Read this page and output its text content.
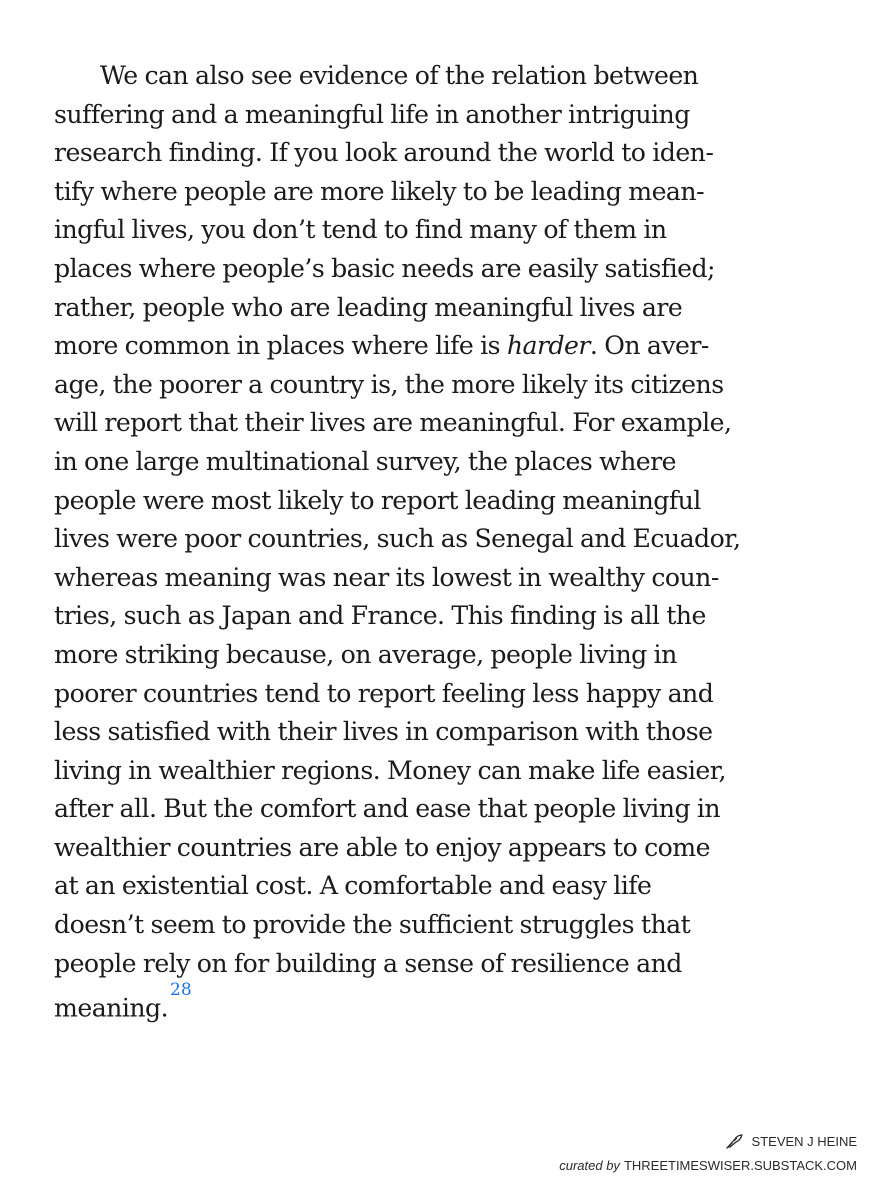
We can also see evidence of the relation between
suffering and a meaningful life in another intriguing
research finding. If you look around the world to iden-
tify where people are more likely to be leading mean-
ingful lives, you don’t tend to find many of them in
places where people’s basic needs are easily satisfied;
rather, people who are leading meaningful lives are
more common in places where life is harder. On aver-
age, the poorer a country is, the more likely its citizens
will report that their lives are meaningful. For example,
in one large multinational survey, the places where
people were most likely to report leading meaningful
lives were poor countries, such as Senegal and Ecuador,
whereas meaning was near its lowest in wealthy coun-
tries, such as Japan and France. This finding is all the
more striking because, on average, people living in
poorer countries tend to report feeling less happy and
less satisfied with their lives in comparison with those
living in wealthier regions. Money can make life easier,
after all. But the comfort and ease that people living in
wealthier countries are able to enjoy appears to come
at an existential cost. A comfortable and easy life
doesn’t seem to provide the sufficient struggles that
people rely on for building a sense of resilience and
meaning.$^{28}$
STEVEN J HEINE
curated by THREETIMESWISER.SUBSTACK.COM
